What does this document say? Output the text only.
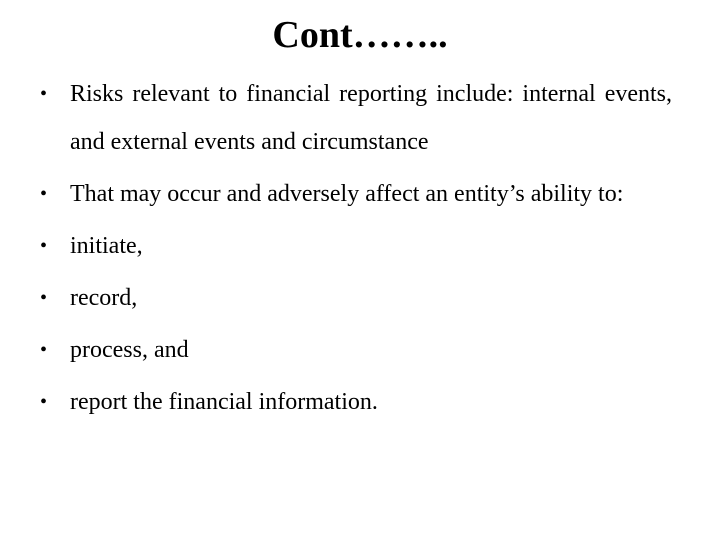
Cont……..
• Risks relevant to financial reporting include: internal events, and external events and circumstance
• That may occur and adversely affect an entity’s ability to:
• initiate,
• record,
• process, and
• report the financial information.
